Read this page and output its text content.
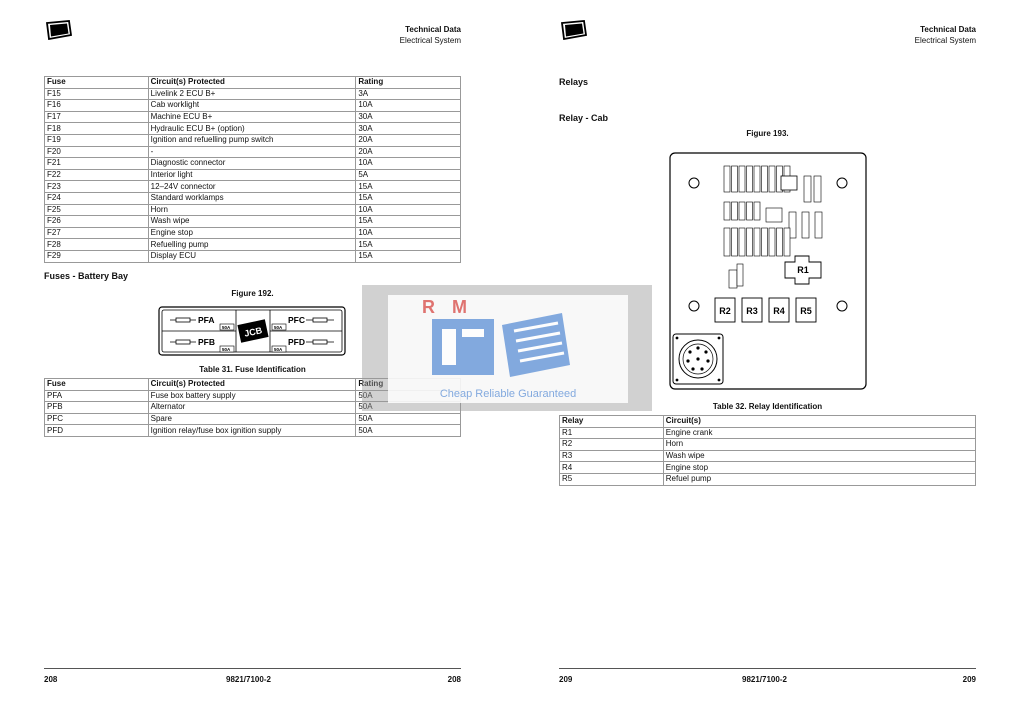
Technical Data
Electrical System
Fuse	Circuit(s) Protected	Rating
F15	Livelink 2 ECU B+	3A
F16	Cab worklight	10A
F17	Machine ECU B+	30A
F18	Hydraulic ECU B+ (option)	30A
F19	Ignition and refuelling pump switch	20A
F20	-	20A
F21	Diagnostic connector	10A
F22	Interior light	5A
F23	12–24V connector	15A
F24	Standard worklamps	15A
F25	Horn	10A
F26	Wash wipe	15A
F27	Engine stop	10A
F28	Refuelling pump	15A
F29	Display ECU	15A
Fuses - Battery Bay
Figure 192.
PFA
PFB
PFC
PFD
50A
50A
50A
50A
JCB
Table 31. Fuse Identification
Fuse	Circuit(s) Protected	Rating
PFA	Fuse box battery supply	50A
PFB	Alternator	50A
PFC	Spare	50A
PFD	Ignition relay/fuse box ignition supply	50A
208	9821/7100-2	208
Technical Data
Electrical System
Relays
Relay - Cab
Figure 193.
R1
R2 R3 R4 R5
Table 32. Relay Identification
Relay	Circuit(s)
R1	Engine crank
R2	Horn
R3	Wash wipe
R4	Engine stop
R5	Refuel pump
209	9821/7100-2	209
R M
Cheap Reliable Guaranteed
